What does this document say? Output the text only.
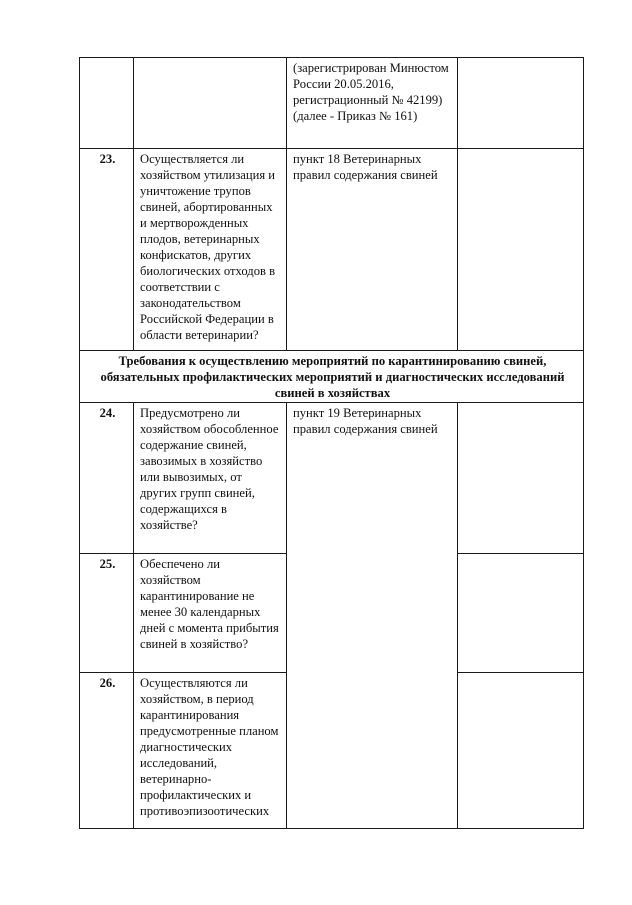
		(зарегистрирован Минюстом России 20.05.2016, регистрационный № 42199) (далее - Приказ № 161)	
23.	Осуществляется ли хозяйством утилизация и уничтожение трупов свиней, абортированных и мертворожденных плодов, ветеринарных конфискатов, других биологических отходов в соответствии с законодательством Российской Федерации в области ветеринарии?	пункт 18 Ветеринарных правил содержания свиней	
Требования к осуществлению мероприятий по карантинированию свиней, обязательных профилактических мероприятий и диагностических исследований свиней в хозяйствах			
24.	Предусмотрено ли хозяйством обособленное содержание свиней, завозимых в хозяйство или вывозимых, от других групп свиней, содержащихся в хозяйстве?	пункт 19 Ветеринарных правил содержания свиней	
25.	Обеспечено ли хозяйством карантинирование не менее 30 календарных дней с момента прибытия свиней в хозяйство?		
26.	Осуществляются ли хозяйством, в период карантинирования предусмотренные планом диагностических исследований, ветеринарно-профилактических и противоэпизоотических		
